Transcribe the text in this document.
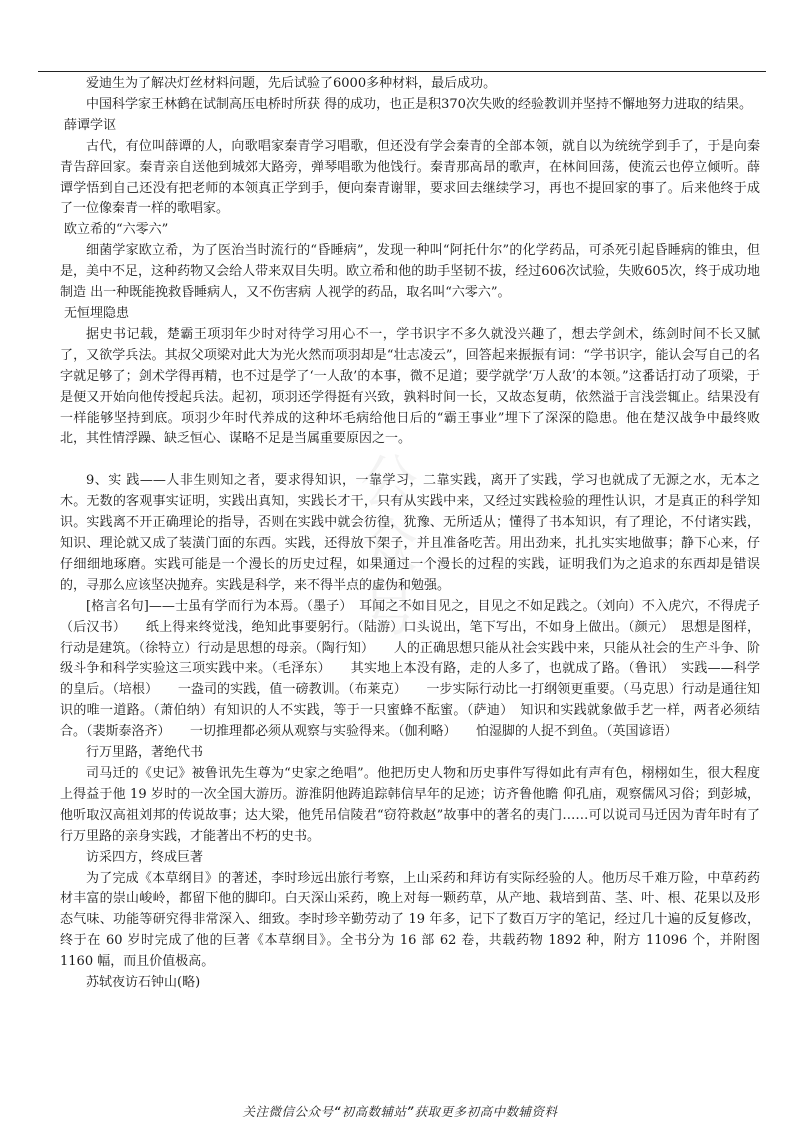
公
众
号

爱迪生为了解决灯丝材料问题，先后试验了6000多种材料，最后成功。

中国科学家王林鹤在试制高压电桥时所获 得的成功，也正是积370次失败的经验教训并坚持不懈地努力进取的结果。

薛谭学讴

古代，有位叫薛谭的人，向歌唱家秦青学习唱歌，但还没有学会秦青的全部本领，就自以为统统学到手了，于是向秦青告辞回家。秦青亲自送他到城郊大路旁，弹琴唱歌为他饯行。秦青那高昂的歌声，在林间回荡，使流云也停立倾听。薛谭学悟到自己还没有把老师的本领真正学到手，便向秦青谢罪，要求回去继续学习，再也不提回家的事了。后来他终于成了一位像秦青一样的歌唱家。

欧立希的“六零六”

细菌学家欧立希，为了医治当时流行的“昏睡病”，发现一种叫“阿托什尔”的化学药品，可杀死引起昏睡病的锥虫，但是，美中不足，这种药物又会给人带来双目失明。欧立希和他的助手坚韧不拔，经过606次试验，失败605次，终于成功地制造 出一种既能挽救昏睡病人，又不伤害病 人视学的药品，取名叫“六零六”。

无恒埋隐患

据史书记载，楚霸王项羽年少时对待学习用心不一，学书识字不多久就没兴趣了，想去学剑术，练剑时间不长又腻了，又欲学兵法。其叔父项梁对此大为光火然而项羽却是“壮志凌云”，回答起来振振有词：“学书识字，能认会写自己的名字就足够了；剑术学得再精，也不过是学了‘一人敌’的本事，微不足道；要学就学‘万人敌’的本领。”这番话打动了项梁，于是便又开始向他传授起兵法。起初，项羽还学得挺有兴致，孰料时间一长，又故态复萌，依然溢于言浅尝辄止。结果没有一样能够坚持到底。项羽少年时代养成的这种坏毛病给他日后的“霸王事业”埋下了深深的隐患。他在楚汉战争中最终败北，其性情浮躁、缺乏恒心、谋略不足是当属重要原因之一。

9、实 践——人非生则知之者，要求得知识，一靠学习，二靠实践，离开了实践，学习也就成了无源之水，无本之木。无数的客观事实证明，实践出真知，实践长才干，只有从实践中来，又经过实践检验的理性认识，才是真正的科学知识。实践离不开正确理论的指导，否则在实践中就会彷徨，犹豫、无所适从；懂得了书本知识，有了理论，不付诸实践，知识、理论就又成了装潢门面的东西。实践，还得放下架子，并且准备吃苦。用出劲来，扎扎实实地做事；静下心来，仔仔细细地琢磨。实践可能是一个漫长的历史过程，如果通过一个漫长的过程的实践，证明我们为之追求的东西却是错误的，寻那么应该坚决抛弃。实践是科学，来不得半点的虚伪和勉强。

[格言名句]——士虽有学而行为本焉。（墨子）　耳闻之不如目见之，目见之不如足践之。（刘向）不入虎穴，不得虎子（后汉书）　　纸上得来终觉浅，绝知此事要躬行。（陆游）口头说出，笔下写出，不如身上做出。（颜元）　思想是图样，行动是建筑。（徐特立）行动是思想的母亲。（陶行知）　　人的正确思想只能从社会实践中来，只能从社会的生产斗争、阶级斗争和科学实验这三项实践中来。（毛泽东）　　其实地上本没有路，走的人多了，也就成了路。（鲁讯）　实践——科学的皇后。（培根）　　一盎司的实践，值一磅教训。（布莱克）　　一步实际行动比一打纲领更重要。（马克思）行动是通往知识的唯一道路。（萧伯纳）有知识的人不实践，等于一只蜜蜂不酝蜜。（萨迪）　知识和实践就象做手艺一样，两者必须结合。（裴斯泰洛齐）　　一切推理都必须从观察与实验得来。（伽利略）　　怕湿脚的人捉不到鱼。（英国谚语）

行万里路，著绝代书

司马迁的《史记》被鲁讯先生尊为“史家之绝唱”。他把历史人物和历史事件写得如此有声有色，栩栩如生，很大程度上得益于他 19 岁时的一次全国大游历。游淮阴他踌追踪韩信早年的足迹；访齐鲁他瞻 仰孔庙，观察儒风习俗；到彭城，他听取汉高祖刘邦的传说故事；达大梁，他凭吊信陵君“窃符救赵”故事中的著名的夷门……可以说司马迁因为青年时有了行万里路的亲身实践，才能著出不朽的史书。

访采四方，终成巨著

为了完成《本草纲目》的著述，李时珍远出旅行考察，上山采药和拜访有实际经验的人。他历尽千难万险，中草药药材丰富的崇山峻岭，都留下他的脚印。白天深山采药，晚上对每一颗药草，从产地、栽培到苗、茎、叶、根、花果以及形态气味、功能等研究得非常深入、细致。李时珍辛勤劳动了 19 年多，记下了数百万字的笔记，经过几十遍的反复修改，终于在 60 岁时完成了他的巨著《本草纲目》。全书分为 16 部 62 卷，共载药物 1892 种，附方 11096 个，并附图 1160 幅，而且价值极高。

苏轼夜访石钟山(略)

关注微信公众号“初高数辅站”获取更多初高中数辅资料
